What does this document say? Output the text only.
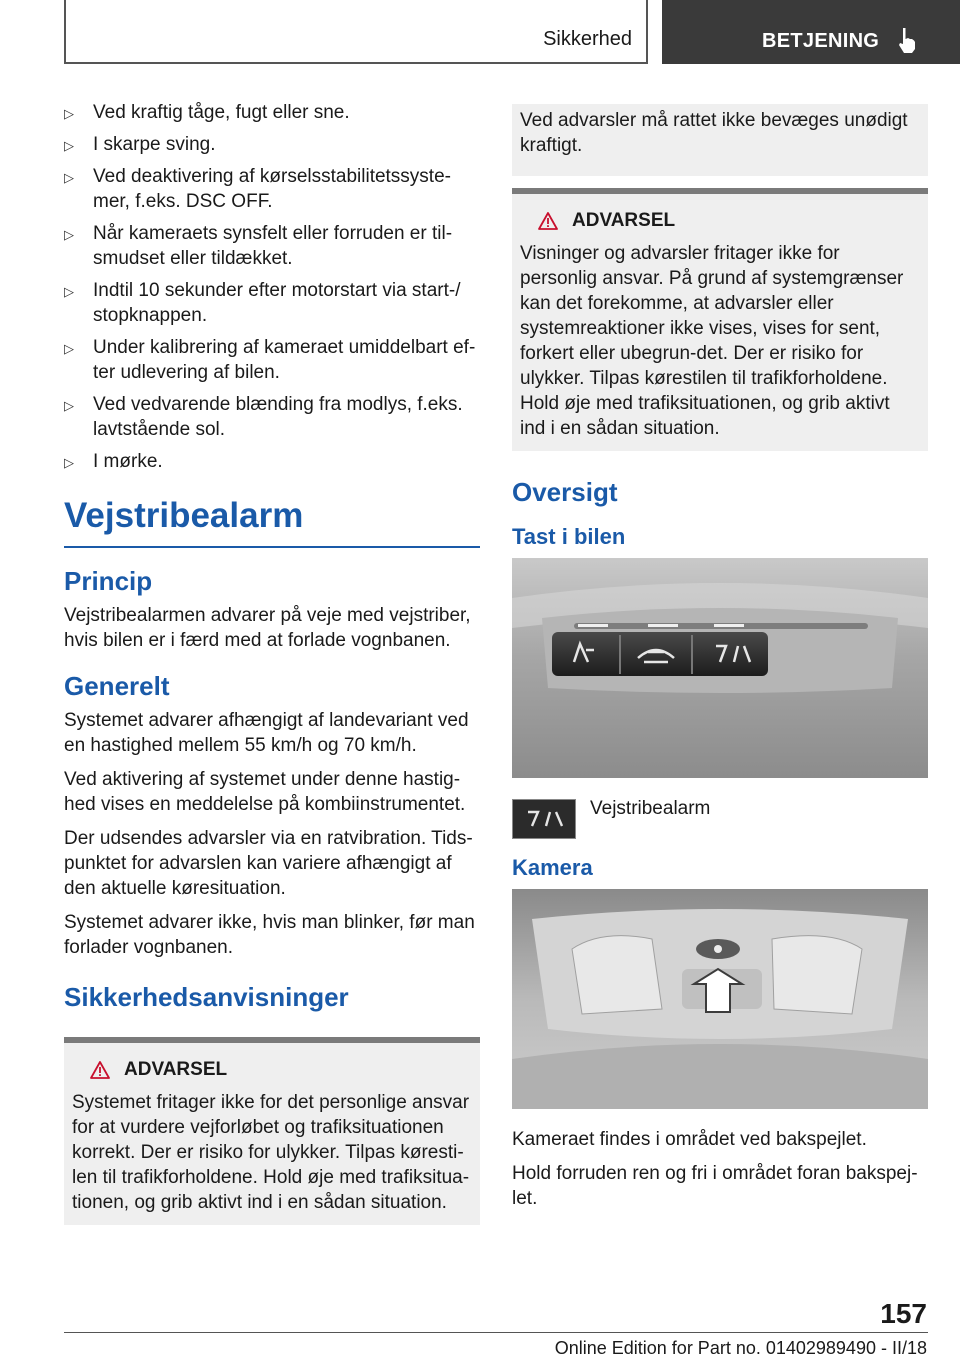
Sikkerhed	BETJENING
▷ Ved kraftig tåge, fugt eller sne.
▷ I skarpe sving.
▷ Ved deaktivering af kørselsstabilitetssyste-mer, f.eks. DSC OFF.
▷ Når kameraets synsfelt eller forruden er til-smudset eller tildækket.
▷ Indtil 10 sekunder efter motorstart via start-/ stopknappen.
▷ Under kalibrering af kameraet umiddelbart ef-ter udlevering af bilen.
▷ Ved vedvarende blænding fra modlys, f.eks. lavtstående sol.
▷ I mørke.
Vejstribealarm
Princip

Vejstribealarmen advarer på veje med vejstriber, hvis bilen er i færd med at forlade vognbanen.

Generelt

Systemet advarer afhængigt af landevariant ved en hastighed mellem 55 km/h og 70 km/h.

Ved aktivering af systemet under denne hastig-hed vises en meddelelse på kombiinstrumentet.

Der udsendes advarsler via en ratvibration. Tids-punktet for advarslen kan variere afhængigt af den aktuelle køresituation.

Systemet advarer ikke, hvis man blinker, før man forlader vognbanen.

Sikkerhedsanvisninger
ADVARSEL
Systemet fritager ikke for det personlige ansvar for at vurdere vejforløbet og trafiksituationen korrekt. Der er risiko for ulykker. Tilpas køresti-len til trafikforholdene. Hold øje med trafiksitua-tionen, og grib aktivt ind i en sådan situation.
Ved advarsler må rattet ikke bevæges unødigt kraftigt.
ADVARSEL
Visninger og advarsler fritager ikke for personlig ansvar. På grund af systemgrænser kan det forekomme, at advarsler eller systemreaktioner ikke vises, vises for sent, forkert eller ubegrun-det. Der er risiko for ulykker. Tilpas kørestilen til trafikforholdene. Hold øje med trafiksituationen, og grib aktivt ind i en sådan situation.
Oversigt
Tast i bilen
Vejstribealarm
Kamera

Kameraet findes i området ved bakspejlet.

Hold forruden ren og fri i området foran bakspej-let.

157
Online Edition for Part no. 01402989490 - II/18
